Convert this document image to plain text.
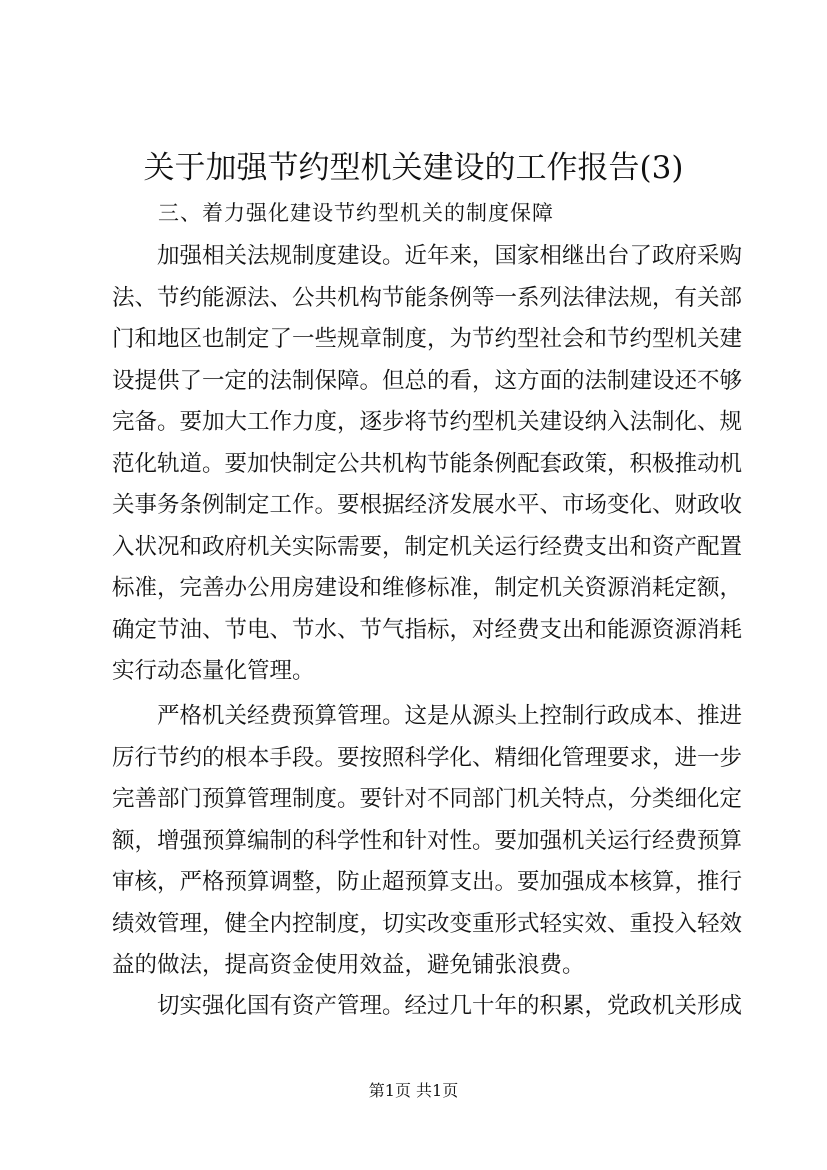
关于加强节约型机关建设的工作报告(3)

三、着力强化建设节约型机关的制度保障

加强相关法规制度建设。近年来，国家相继出台了政府采购
法、节约能源法、公共机构节能条例等一系列法律法规，有关部
门和地区也制定了一些规章制度，为节约型社会和节约型机关建
设提供了一定的法制保障。但总的看，这方面的法制建设还不够
完备。要加大工作力度，逐步将节约型机关建设纳入法制化、规
范化轨道。要加快制定公共机构节能条例配套政策，积极推动机
关事务条例制定工作。要根据经济发展水平、市场变化、财政收
入状况和政府机关实际需要，制定机关运行经费支出和资产配置
标准，完善办公用房建设和维修标准，制定机关资源消耗定额，
确定节油、节电、节水、节气指标，对经费支出和能源资源消耗
实行动态量化管理。
严格机关经费预算管理。这是从源头上控制行政成本、推进
厉行节约的根本手段。要按照科学化、精细化管理要求，进一步
完善部门预算管理制度。要针对不同部门机关特点，分类细化定
额，增强预算编制的科学性和针对性。要加强机关运行经费预算
审核，严格预算调整，防止超预算支出。要加强成本核算，推行
绩效管理，健全内控制度，切实改变重形式轻实效、重投入轻效
益的做法，提高资金使用效益，避免铺张浪费。
切实强化国有资产管理。经过几十年的积累，党政机关形成

第1页 共1页
